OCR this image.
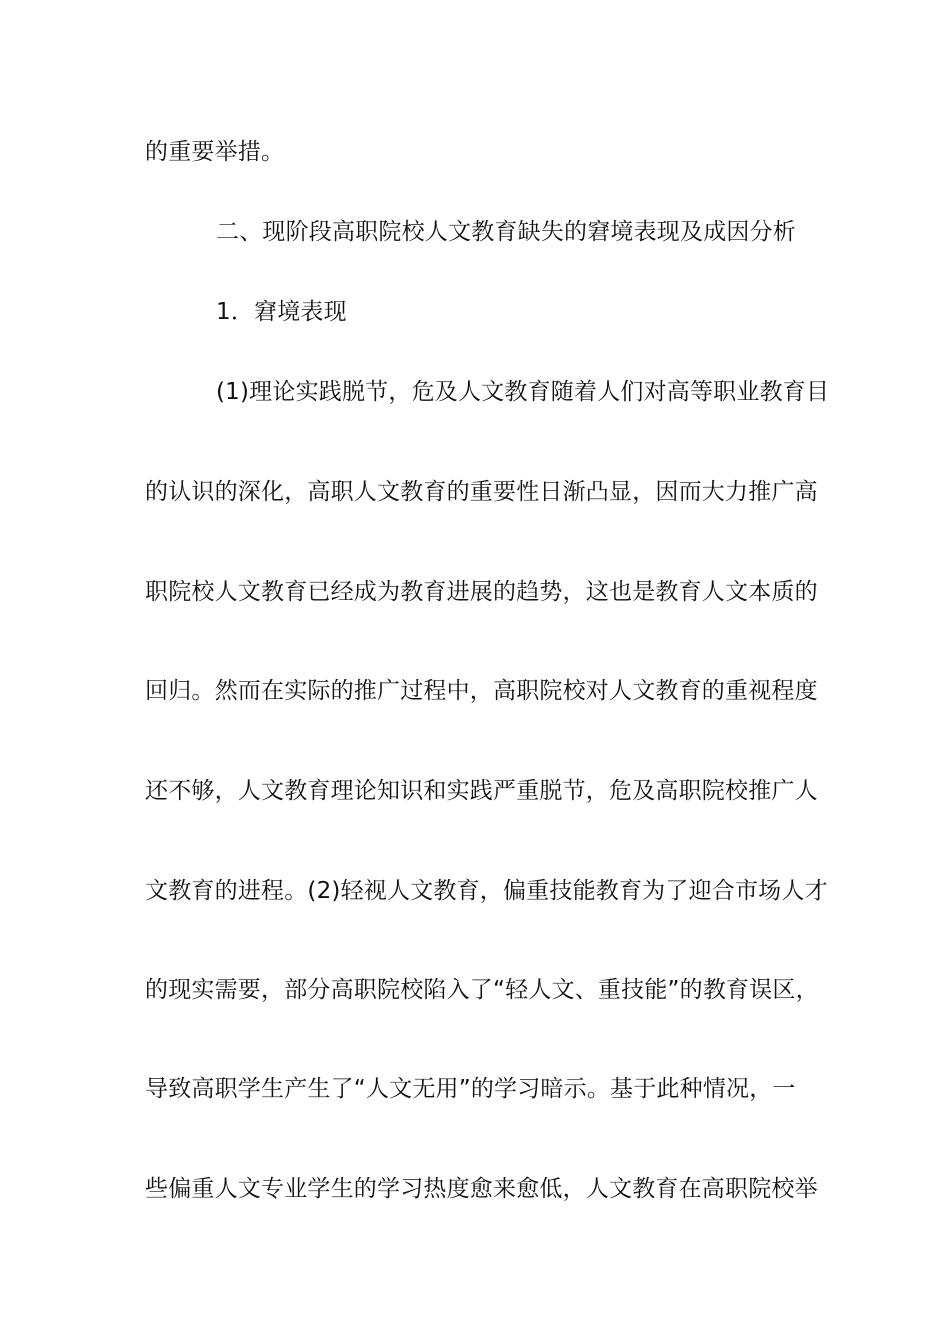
的重要举措。
二、现阶段高职院校人文教育缺失的窘境表现及成因分析
1．窘境表现
(1)理论实践脱节，危及人文教育随着人们对高等职业教育目
的认识的深化，高职人文教育的重要性日渐凸显，因而大力推广高
职院校人文教育已经成为教育进展的趋势，这也是教育人文本质的
回归。然而在实际的推广过程中，高职院校对人文教育的重视程度
还不够，人文教育理论知识和实践严重脱节，危及高职院校推广人
文教育的进程。(2)轻视人文教育，偏重技能教育为了迎合市场人才
的现实需要，部分高职院校陷入了“轻人文、重技能”的教育误区，
导致高职学生产生了“人文无用”的学习暗示。基于此种情况，一
些偏重人文专业学生的学习热度愈来愈低，人文教育在高职院校举
